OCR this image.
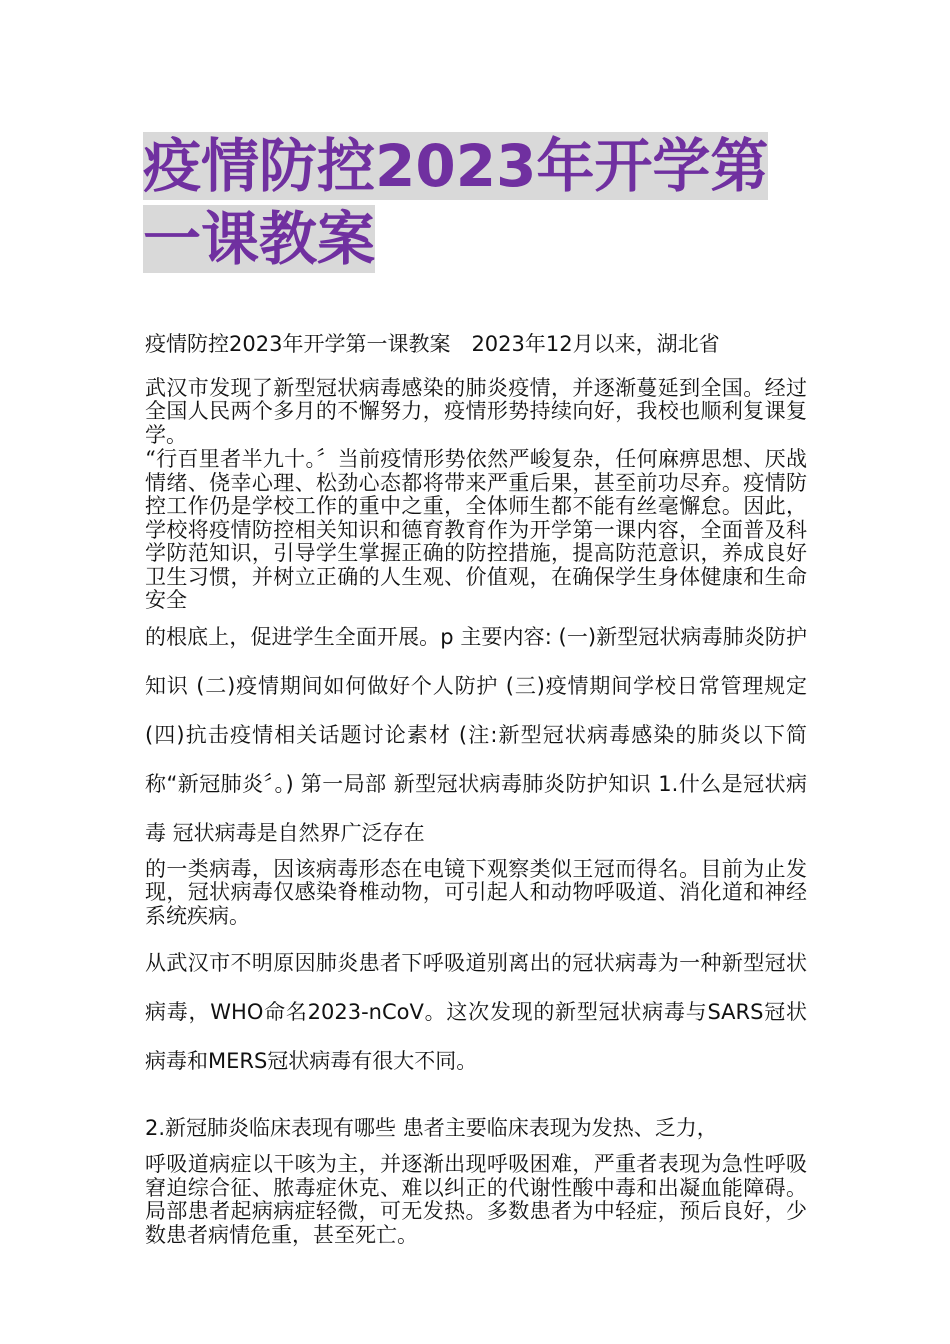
疫情防控2023年开学第一课教案

疫情防控2023年开学第一课教案　2023年12月以来，湖北省

武汉市发现了新型冠状病毒感染的肺炎疫情，并逐渐蔓延到全国。经过全国人民两个多月的不懈努力，疫情形势持续向好，我校也顺利复课复学。

“行百里者半九十。〞当前疫情形势依然严峻复杂，任何麻痹思想、厌战情绪、侥幸心理、松劲心态都将带来严重后果，甚至前功尽弃。疫情防控工作仍是学校工作的重中之重，全体师生都不能有丝毫懈怠。因此，学校将疫情防控相关知识和德育教育作为开学第一课内容，全面普及科学防范知识，引导学生掌握正确的防控措施，提高防范意识，养成良好卫生习惯，并树立正确的人生观、价值观，在确保学生身体健康和生命安全

的根底上，促进学生全面开展。p 主要内容: (一)新型冠状病毒肺炎防护知识 (二)疫情期间如何做好个人防护 (三)疫情期间学校日常管理规定 (四)抗击疫情相关话题讨论素材 (注:新型冠状病毒感染的肺炎以下简称“新冠肺炎〞。) 第一局部 新型冠状病毒肺炎防护知识 1.什么是冠状病毒 冠状病毒是自然界广泛存在

的一类病毒，因该病毒形态在电镜下观察类似王冠而得名。目前为止发现，冠状病毒仅感染脊椎动物，可引起人和动物呼吸道、消化道和神经系统疾病。

从武汉市不明原因肺炎患者下呼吸道别离出的冠状病毒为一种新型冠状病毒，WHO命名2023-nCoV。这次发现的新型冠状病毒与SARS冠状病毒和MERS冠状病毒有很大不同。

2.新冠肺炎临床表现有哪些 患者主要临床表现为发热、乏力，

呼吸道病症以干咳为主，并逐渐出现呼吸困难，严重者表现为急性呼吸窘迫综合征、脓毒症休克、难以纠正的代谢性酸中毒和出凝血能障碍。局部患者起病病症轻微，可无发热。多数患者为中轻症，预后良好，少数患者病情危重，甚至死亡。
